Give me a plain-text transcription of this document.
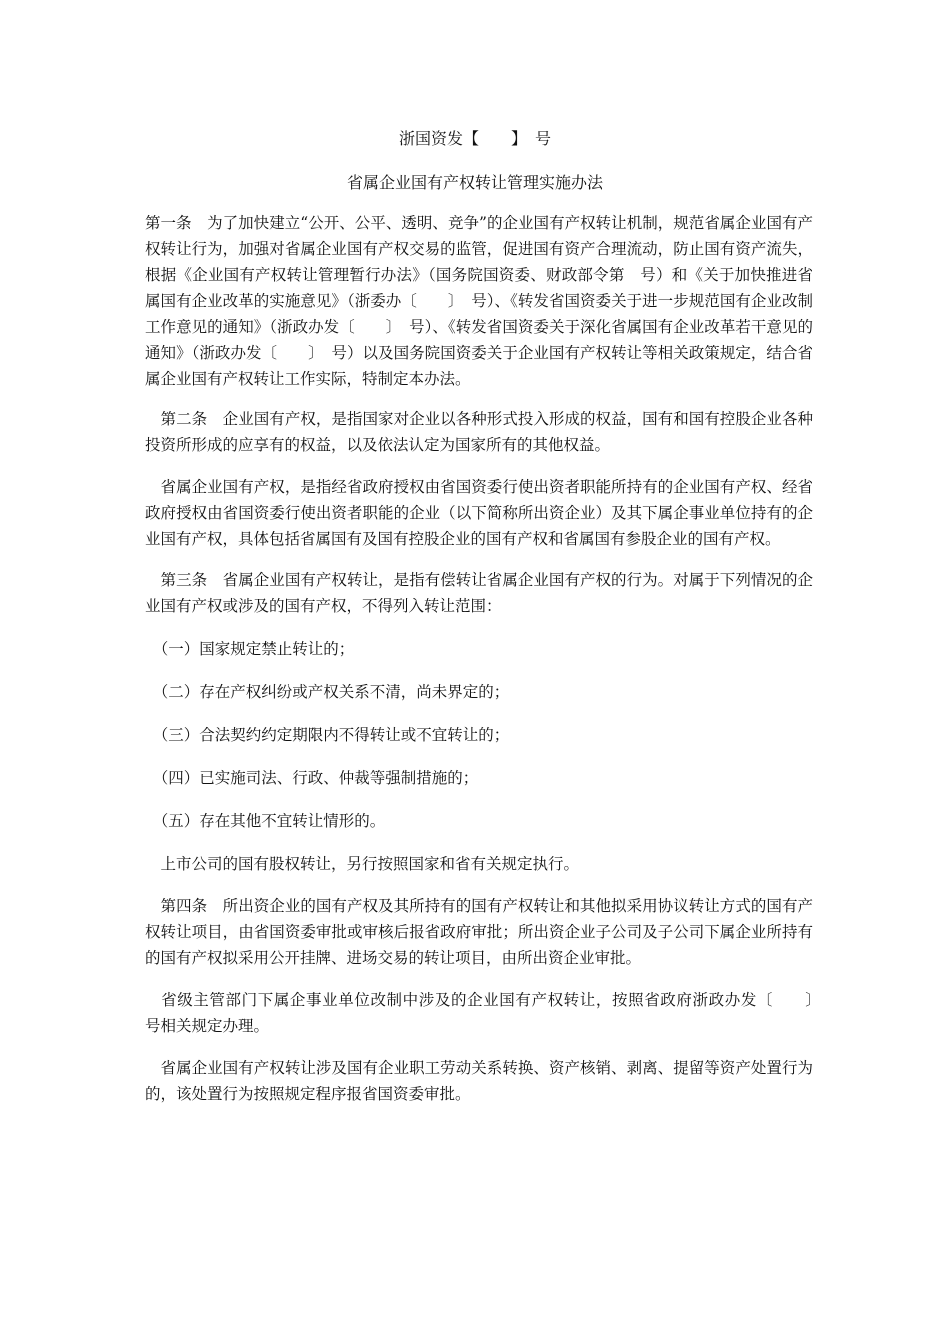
浙国资发【　　】　号
省属企业国有产权转让管理实施办法

第一条　为了加快建立“公开、公平、透明、竞争”的企业国有产权转让机制，规范省属企业国有产权转让行为，加强对省属企业国有产权交易的监管，促进国有资产合理流动，防止国有资产流失，根据《企业国有产权转让管理暂行办法》（国务院国资委、财政部令第　号）和《关于加快推进省属国有企业改革的实施意见》（浙委办〔　　〕　号）、《转发省国资委关于进一步规范国有企业改制工作意见的通知》（浙政办发〔　　〕　号）、《转发省国资委关于深化省属国有企业改革若干意见的通知》（浙政办发〔　　〕　号）以及国务院国资委关于企业国有产权转让等相关政策规定，结合省属企业国有产权转让工作实际，特制定本办法。

　第二条　企业国有产权，是指国家对企业以各种形式投入形成的权益，国有和国有控股企业各种投资所形成的应享有的权益，以及依法认定为国家所有的其他权益。

　省属企业国有产权，是指经省政府授权由省国资委行使出资者职能所持有的企业国有产权、经省政府授权由省国资委行使出资者职能的企业（以下简称所出资企业）及其下属企事业单位持有的企业国有产权，具体包括省属国有及国有控股企业的国有产权和省属国有参股企业的国有产权。

　第三条　省属企业国有产权转让，是指有偿转让省属企业国有产权的行为。对属于下列情况的企业国有产权或涉及的国有产权，不得列入转让范围：

　（一）国家规定禁止转让的；

　（二）存在产权纠纷或产权关系不清，尚未界定的；

　（三）合法契约约定期限内不得转让或不宜转让的；

　（四）已实施司法、行政、仲裁等强制措施的；

　（五）存在其他不宜转让情形的。

　上市公司的国有股权转让，另行按照国家和省有关规定执行。

　第四条　所出资企业的国有产权及其所持有的国有产权转让和其他拟采用协议转让方式的国有产权转让项目，由省国资委审批或审核后报省政府审批；所出资企业子公司及子公司下属企业所持有的国有产权拟采用公开挂牌、进场交易的转让项目，由所出资企业审批。

　省级主管部门下属企事业单位改制中涉及的企业国有产权转让，按照省政府浙政办发〔　　〕　号相关规定办理。

　省属企业国有产权转让涉及国有企业职工劳动关系转换、资产核销、剥离、提留等资产处置行为的，该处置行为按照规定程序报省国资委审批。
